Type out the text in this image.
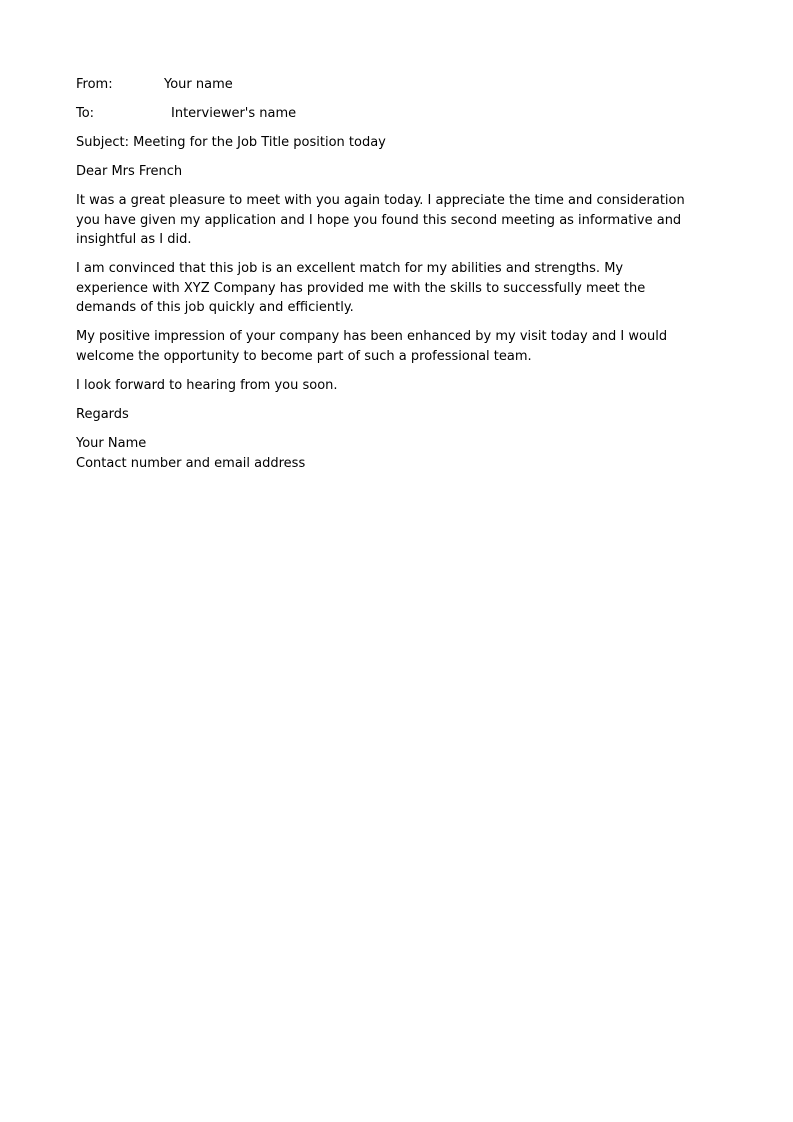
From:	Your name
To:	Interviewer's name
Subject: Meeting for the Job Title position today
Dear Mrs French
It was a great pleasure to meet with you again today. I appreciate the time and consideration
you have given my application and I hope you found this second meeting as informative and
insightful as I did.
I am convinced that this job is an excellent match for my abilities and strengths. My
experience with XYZ Company has provided me with the skills to successfully meet the
demands of this job quickly and efficiently.
My positive impression of your company has been enhanced by my visit today and I would
welcome the opportunity to become part of such a professional team.
I look forward to hearing from you soon.
Regards
Your Name
Contact number and email address
